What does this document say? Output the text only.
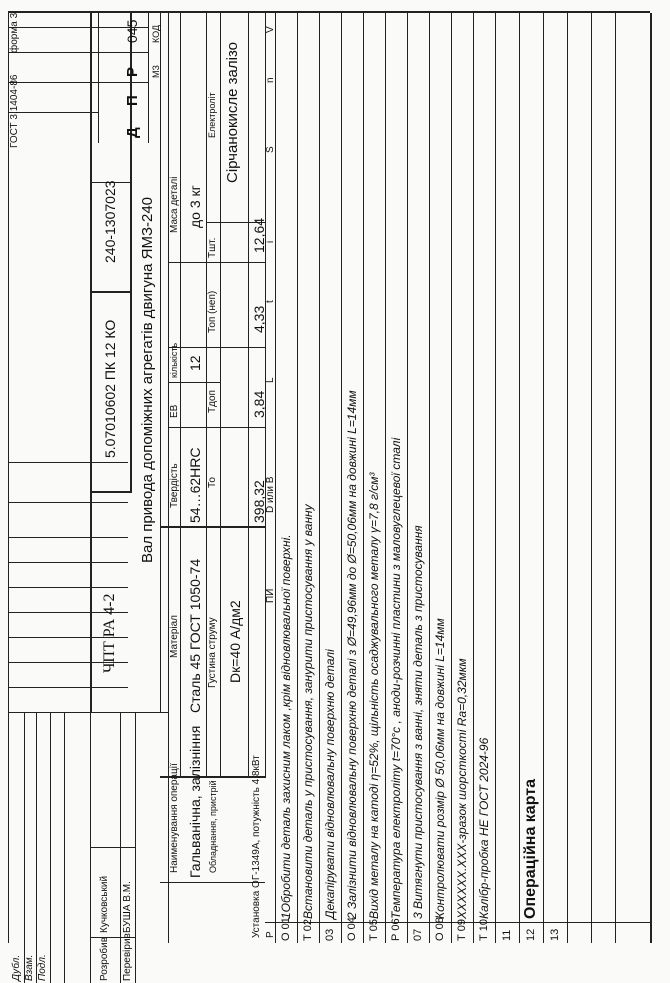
ГОСТ 3.1404-86
форма 3
Дубл. Взам. Подл.	Розробив
Кучковський
Перевірив
БУША В.М.
ЧПТ РА 4-2
5.07010602 ПК 12 КО
240-1307023 Вал привода допоміжних агрегатів двигуна ЯМЗ-240
Д
П
Р
045
МЗ
КОД
Наименування операції Гальванічна, залізніння Обладнання, пристрій	Установка ОГ-1349А, потужність 4,8кВт
Матеріал Сталь 45 ГОСТ 1050-74
Твердість 54…62HRC
ЕВ
кількість 12
Маса деталі до 3 кг
Електроліт Сірчанокисле залізо
Густина струму Dк=40 А/дм2
То 398,32
Тдоп 3,84
Топ (неп) 4,33
Тшт. 12,64
Р
ПИ
D или В
L
t
i
S
n
V
О 01
1Обробити деталь захисним лаком ,крім відновлювальної поверхні.
Т 02
Встановити деталь у пристосування, занурити пристосування у ванну
03
Декапірувати відновлювальну поверхню деталі
О 04
2 Залізнити відновлювальну поверхню деталі з Ø=49,96мм до Ø=50,06мм на довжині L=14мм
Т 05
Вихід металу на катоді η=52%, щільність осаджувального металу γ=7,8 г/см³
Р 06
Температура електроліту t=70°с , аноди-розчинні пластини з маловуглецевої сталі
07
3 Витягнути пристосування з ванні, зняти деталь з пристосування
О 08
Контролювати розмір Ø 50,06мм на довжині L=14мм
Т 09
XXXXXX.XXX-зразок шорсткості Ra=0,32мкм
Т 10
Калібр-пробка НЕ ГОСТ 2024-96
11 12
Операційна карта
13
